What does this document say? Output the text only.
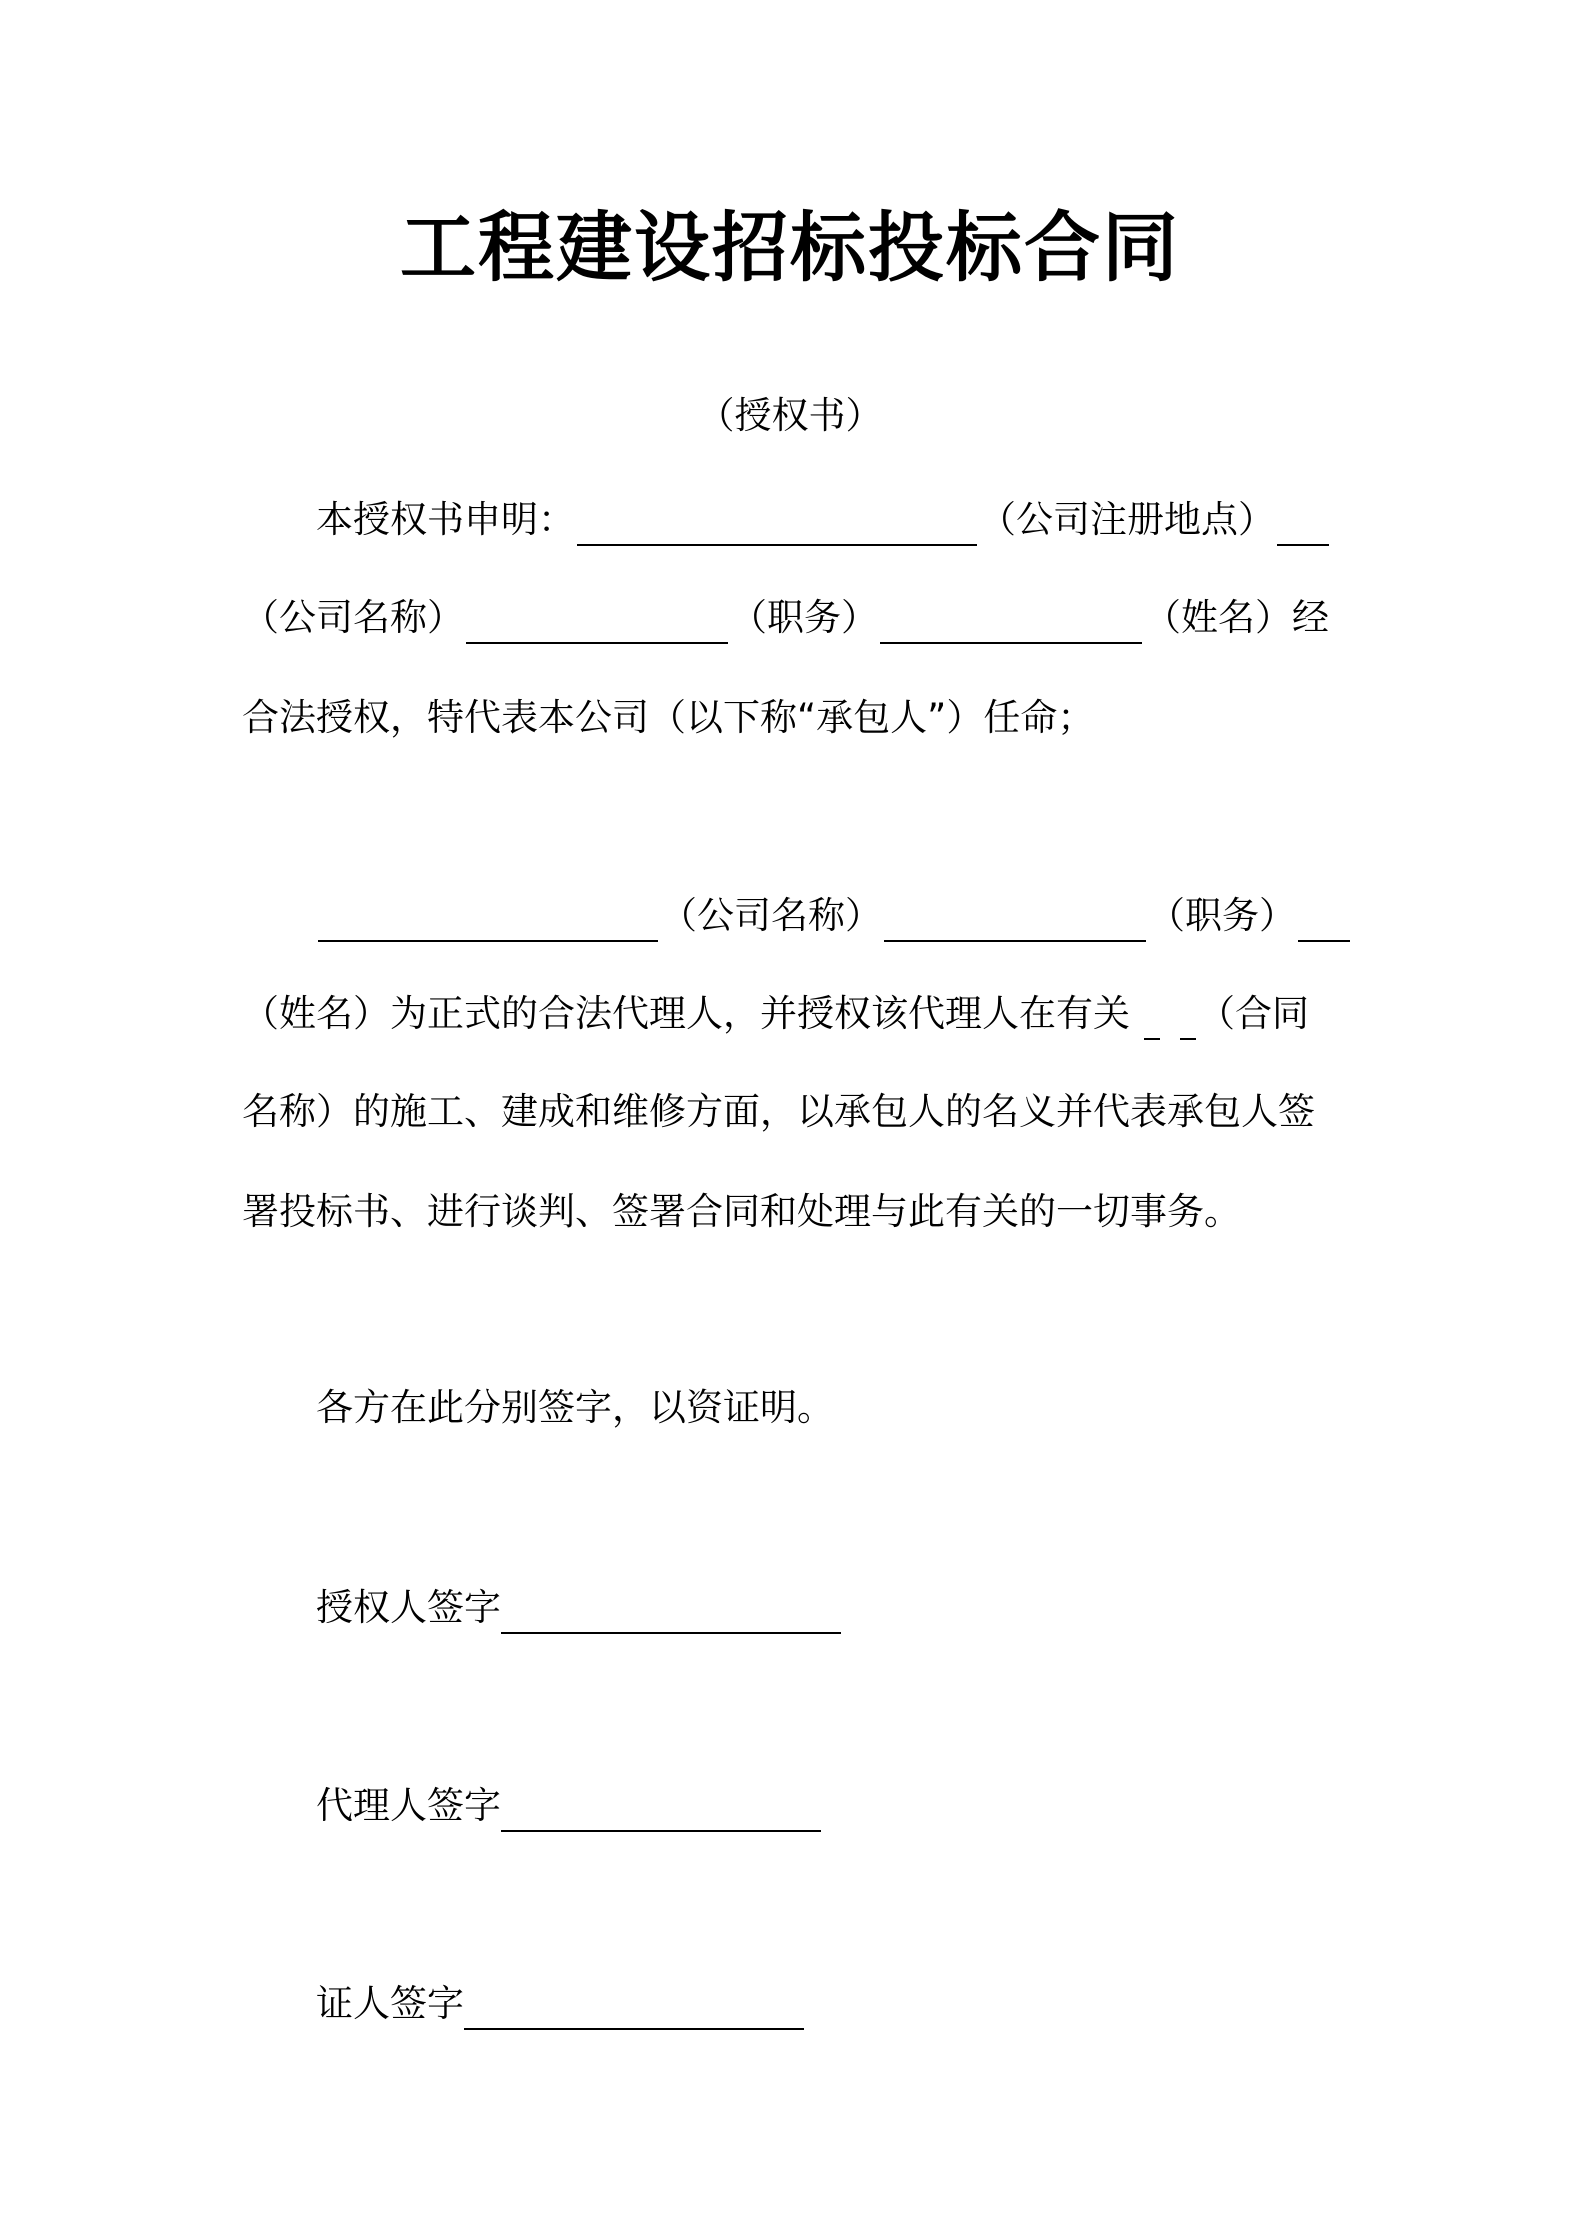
工程建设招标投标合同
（授权书）
本授权书申明：	（公司注册地点）
（公司名称）	（职务）	（姓名）经
合法授权，特代表本公司（以下称“承包人”）任命；
（公司名称）	（职务）
（姓名）为正式的合法代理人，并授权该代理人在有关 （合同
名称）的施工、建成和维修方面，以承包人的名义并代表承包人签
署投标书、进行谈判、签署合同和处理与此有关的一切事务。
各方在此分别签字，以资证明。
授权人签字
代理人签字
证人签字
